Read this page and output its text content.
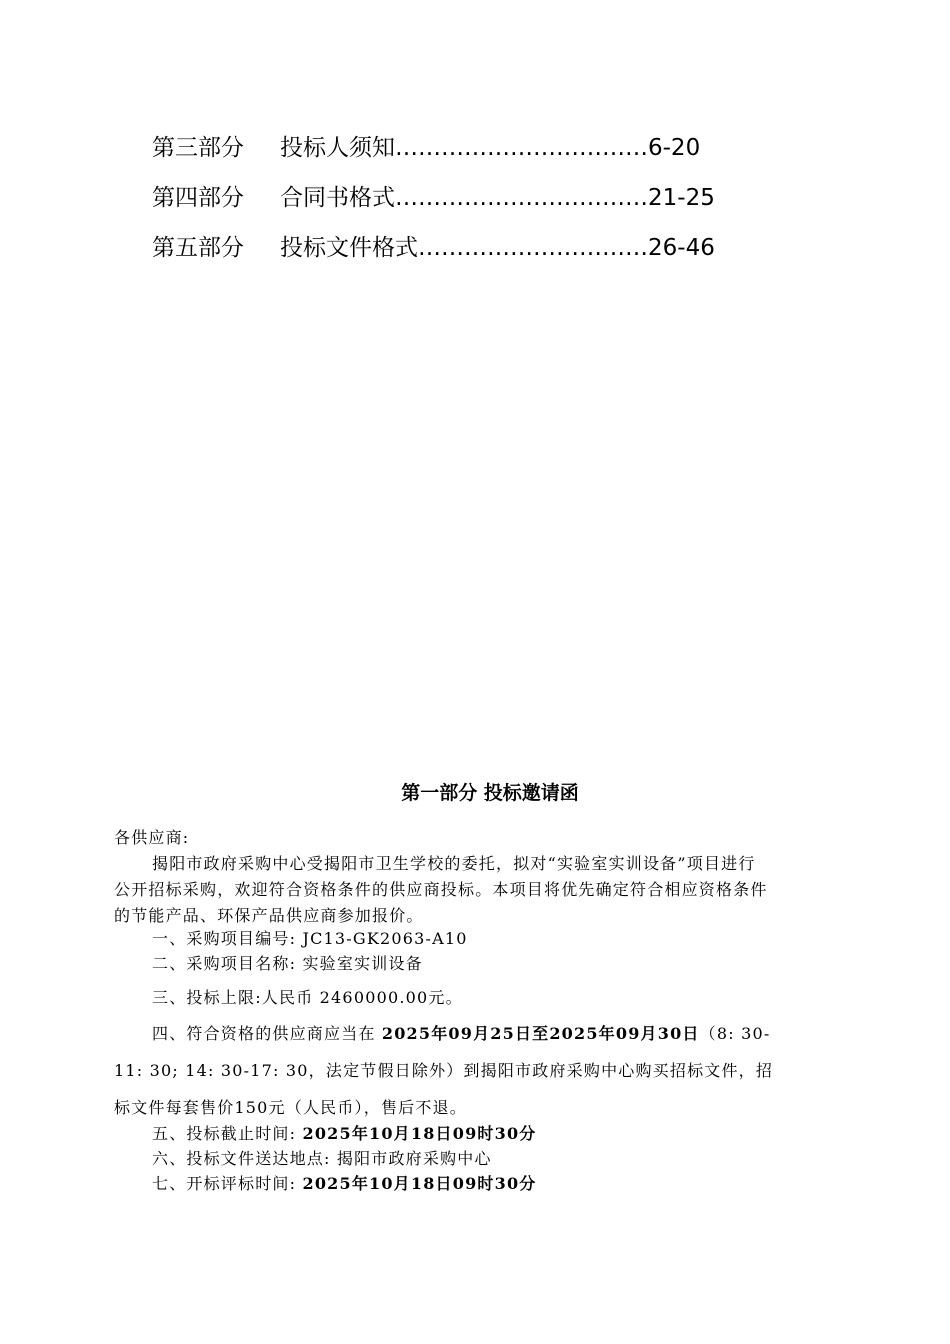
第三部分 投标人须知……………………………6-20
第四部分 合同书格式……………………………21-25
第五部分 投标文件格式…………………………26-46
第一部分 投标邀请函
各供应商:
揭阳市政府采购中心受揭阳市卫生学校的委托，拟对“实验室实训设备”项目进行
公开招标采购，欢迎符合资格条件的供应商投标。本项目将优先确定符合相应资格条件
的节能产品、环保产品供应商参加报价。
一、采购项目编号: JC13-GK2063-A10
二、采购项目名称: 实验室实训设备
三、投标上限:人民币 2460000.00元。
四、符合资格的供应商应当在 2025年09月25日至2025年09月30日（8: 30-
11: 30; 14: 30-17: 30，法定节假日除外）到揭阳市政府采购中心购买招标文件，招
标文件每套售价150元（人民币），售后不退。
五、投标截止时间: 2025年10月18日09时30分
六、投标文件送达地点: 揭阳市政府采购中心
七、开标评标时间: 2025年10月18日09时30分
